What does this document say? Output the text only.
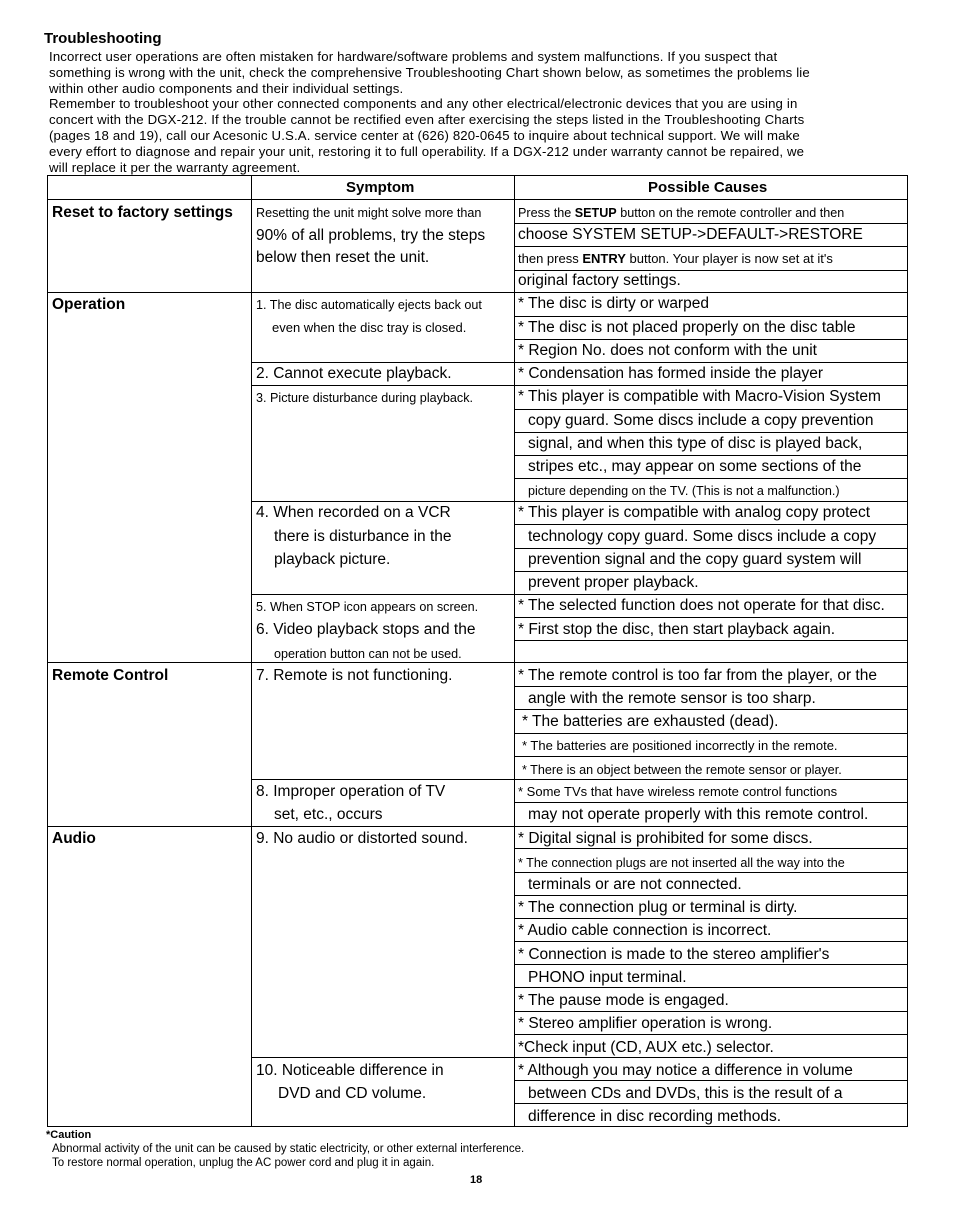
Troubleshooting
Incorrect user operations are often mistaken for hardware/software problems and system malfunctions. If you suspect that
something is wrong with the unit, check the comprehensive Troubleshooting Chart shown below, as sometimes the problems lie
within other audio components and their individual settings.
Remember to troubleshoot your other connected components and any other electrical/electronic devices that you are using in
concert with the DGX-212. If the trouble cannot be rectified even after exercising the steps listed in the Troubleshooting Charts
(pages 18 and 19), call our Acesonic U.S.A. service center at (626) 820-0645 to inquire about technical support. We will make
every effort to diagnose and repair your unit, restoring it to full operability. If a DGX-212 under warranty cannot be repaired, we
will replace it per the warranty agreement.
Symptom	Possible Causes
Reset to factory settings
Operation
Remote Control
Audio
Resetting the unit might solve more than
90% of all problems, try the steps
below then reset the unit.
1. The disc automatically ejects back out
even when the disc tray is closed.
2. Cannot execute playback.
3. Picture disturbance during playback.
4. When recorded on a VCR
there is disturbance in the
playback picture.
5. When STOP icon appears on screen.
6. Video playback stops and the
operation button can not be used.
7. Remote is not functioning.
8. Improper operation of TV
set, etc., occurs
9. No audio or distorted sound.
10. Noticeable difference in
DVD and CD volume.
Press the SETUP button on the remote controller and then
choose SYSTEM SETUP->DEFAULT->RESTORE
then press ENTRY button. Your player is now set at it's
original factory settings.
* The disc is dirty or warped
* The disc is not placed properly on the disc table
* Region No. does not conform with the unit
* Condensation has formed inside the player
* This player is compatible with Macro-Vision System
copy guard. Some discs include a copy prevention
signal, and when this type of disc is played back,
stripes etc., may appear on some sections of the
picture depending on the TV. (This is not a malfunction.)
* This player is compatible with analog copy protect
technology copy guard. Some discs include a copy
prevention signal and the copy guard system will
prevent proper playback.
* The selected function does not operate for that disc.
* First stop the disc, then start playback again.
* The remote control is too far from the player, or the
angle with the remote sensor is too sharp.
* The batteries are exhausted (dead).
* The batteries are positioned incorrectly in the remote.
* There is an object between the remote sensor or player.
* Some TVs that have wireless remote control functions
may not operate properly with this remote control.
* Digital signal is prohibited for some discs.
* The connection plugs are not inserted all the way into the
terminals or are not connected.
* The connection plug or terminal is dirty.
* Audio cable connection is incorrect.
* Connection is made to the stereo amplifier's
PHONO input terminal.
* The pause mode is engaged.
* Stereo amplifier operation is wrong.
*Check input (CD, AUX etc.) selector.
* Although you may notice a difference in volume
between CDs and DVDs, this is the result of a
difference in disc recording methods.
*Caution
Abnormal activity of the unit can be caused by static electricity, or other external interference.
To restore normal operation, unplug the AC power cord and plug it in again.
18
